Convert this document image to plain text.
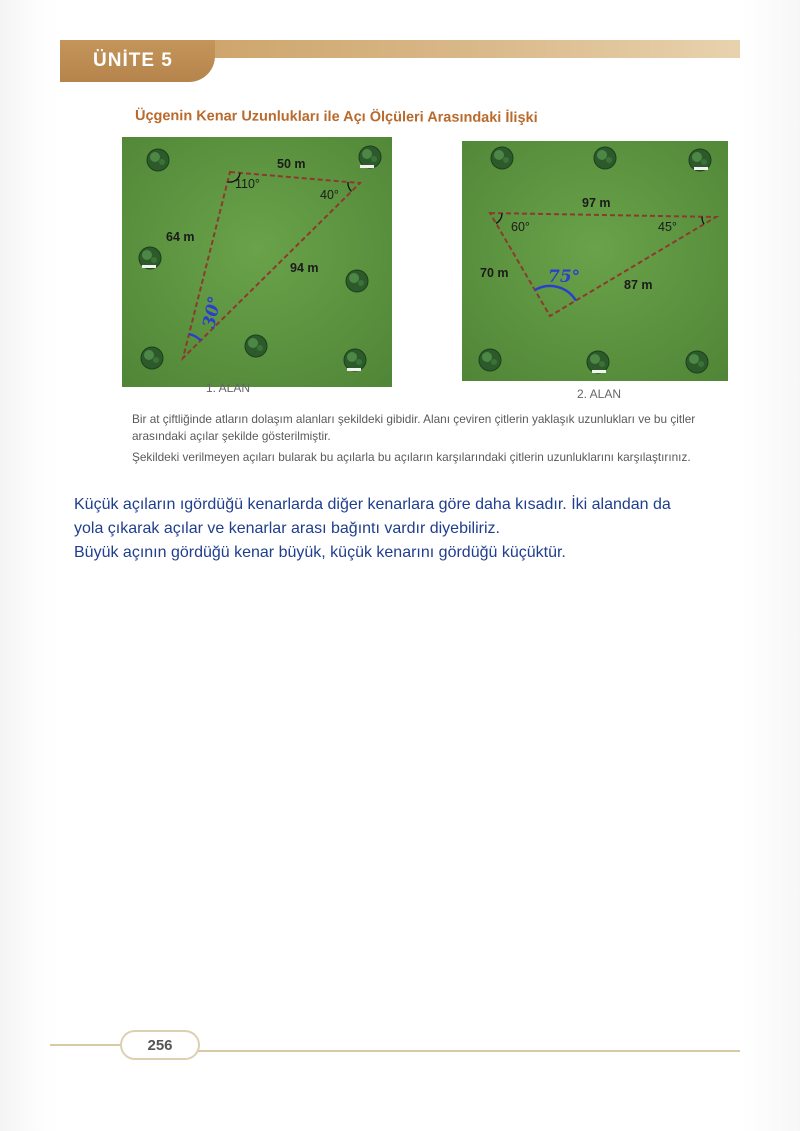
ÜNİTE 5
Üçgenin Kenar Uzunlukları ile Açı Ölçüleri Arasındaki İlişki
50 m
64 m
94 m
110°
40°
30°
1. ALAN
97 m
70 m
87 m
60°	45°
75°
2. ALAN

Bir at çiftliğinde atların dolaşım alanları şekildeki gibidir. Alanı çeviren çitlerin yaklaşık uzunlukları ve bu çitler arasındaki açılar şekilde gösterilmiştir.

Şekildeki verilmeyen açıları bularak bu açılarla bu açıların karşılarındaki çitlerin uzunluklarını karşılaştırınız.

Küçük açıların ıgördüğü kenarlarda diğer kenarlara göre daha kısadır. İki alandan da
yola çıkarak açılar ve kenarlar arası bağıntı vardır diyebiliriz.
Büyük açının gördüğü kenar büyük, küçük kenarını gördüğü küçüktür.
256
